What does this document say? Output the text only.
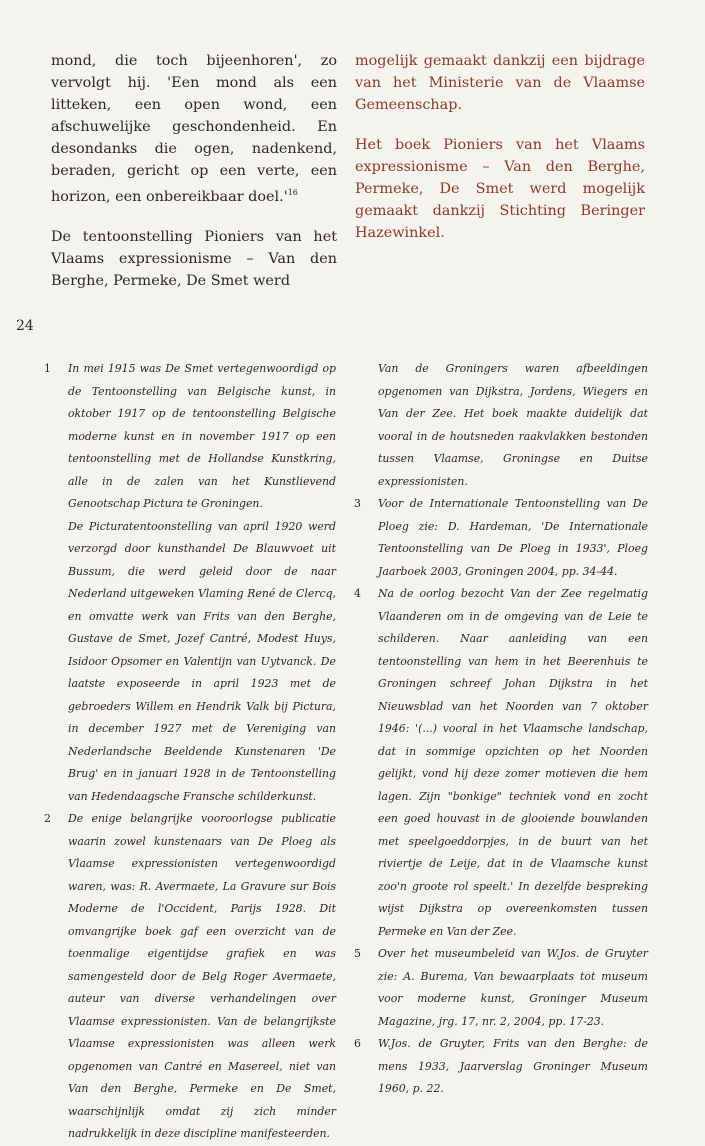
mond, die toch bijeenhoren', zo vervolgt hij. 'Een mond als een litteken, een open wond, een afschuwelijke geschondenheid. En desondanks die ogen, nadenkend, beraden, gericht op een verte, een horizon, een onbereikbaar $doel.'^{16}$

De tentoonstelling Pioniers van het Vlaams expressionisme – Van den Berghe, Permeke, De Smet werd

mogelijk gemaakt dankzij een bijdrage van het Ministerie van de Vlaamse Gemeenschap.

Het boek Pioniers van het Vlaams expressionisme – Van den Berghe, Permeke, De Smet werd mogelijk gemaakt dankzij Stichting Beringer Hazewinkel.

24
1	In mei 1915 was De Smet vertegenwoordigd op de Tentoonstelling van Belgische kunst, in oktober 1917 op de tentoonstelling Belgische moderne kunst en in november 1917 op een tentoonstelling met de Hollandse Kunstkring, alle in de zalen van het Kunstlievend Genootschap Pictura te Groningen.
De Picturatentoonstelling van april 1920 werd verzorgd door kunsthandel De Blauwvoet uit Bussum, die werd geleid door de naar Nederland uitgeweken Vlaming René de Clercq, en omvatte werk van Frits van den Berghe, Gustave de Smet, Jozef Cantré, Modest Huys, Isidoor Opsomer en Valentijn van Uytvanck. De laatste exposeerde in april 1923 met de gebroeders Willem en Hendrik Valk bij Pictura, in december 1927 met de Vereniging van Nederlandsche Beeldende Kunstenaren 'De Brug' en in januari 1928 in de Tentoonstelling van Hedendaagsche Fransche schilderkunst.
2	De enige belangrijke vooroorlogse publicatie waarin zowel kunstenaars van De Ploeg als Vlaamse expressionisten vertegenwoordigd waren, was: R. Avermaete, La Gravure sur Bois Moderne de l'Occident, Parijs 1928. Dit omvangrijke boek gaf een overzicht van de toenmalige eigentijdse grafiek en was samengesteld door de Belg Roger Avermaete, auteur van diverse verhandelingen over Vlaamse expressionisten. Van de belangrijkste Vlaamse expressionisten was alleen werk opgenomen van Cantré en Masereel, niet van Van den Berghe, Permeke en De Smet, waarschijnlijk omdat zij zich minder nadrukkelijk in deze discipline manifesteerden.
Van de Groningers waren afbeeldingen opgenomen van Dijkstra, Jordens, Wiegers en Van der Zee. Het boek maakte duidelijk dat vooral in de houtsneden raakvlakken bestonden tussen Vlaamse, Groningse en Duitse expressionisten.
3	Voor de Internationale Tentoonstelling van De Ploeg zie: D. Hardeman, 'De Internationale Tentoonstelling van De Ploeg in 1933', Ploeg Jaarboek 2003, Groningen 2004, pp. 34-44.
4	Na de oorlog bezocht Van der Zee regelmatig Vlaanderen om in de omgeving van de Leie te schilderen. Naar aanleiding van een tentoonstelling van hem in het Beerenhuis te Groningen schreef Johan Dijkstra in het Nieuwsblad van het Noorden van 7 oktober 1946: '(...) vooral in het Vlaamsche landschap, dat in sommige opzichten op het Noorden gelijkt, vond hij deze zomer motieven die hem lagen. Zijn "bonkige" techniek vond en zocht een goed houvast in de glooiende bouwlanden met speelgoeddorpjes, in de buurt van het riviertje de Leije, dat in de Vlaamsche kunst zoo'n groote rol speelt.' In dezelfde bespreking wijst Dijkstra op overeenkomsten tussen Permeke en Van der Zee.
5	Over het museumbeleid van W.Jos. de Gruyter zie: A. Burema, Van bewaarplaats tot museum voor moderne kunst, Groninger Museum Magazine, jrg. 17, nr. 2, 2004, pp. 17-23.
6	W.Jos. de Gruyter, Frits van den Berghe: de mens 1933, Jaarverslag Groninger Museum 1960, p. 22.
